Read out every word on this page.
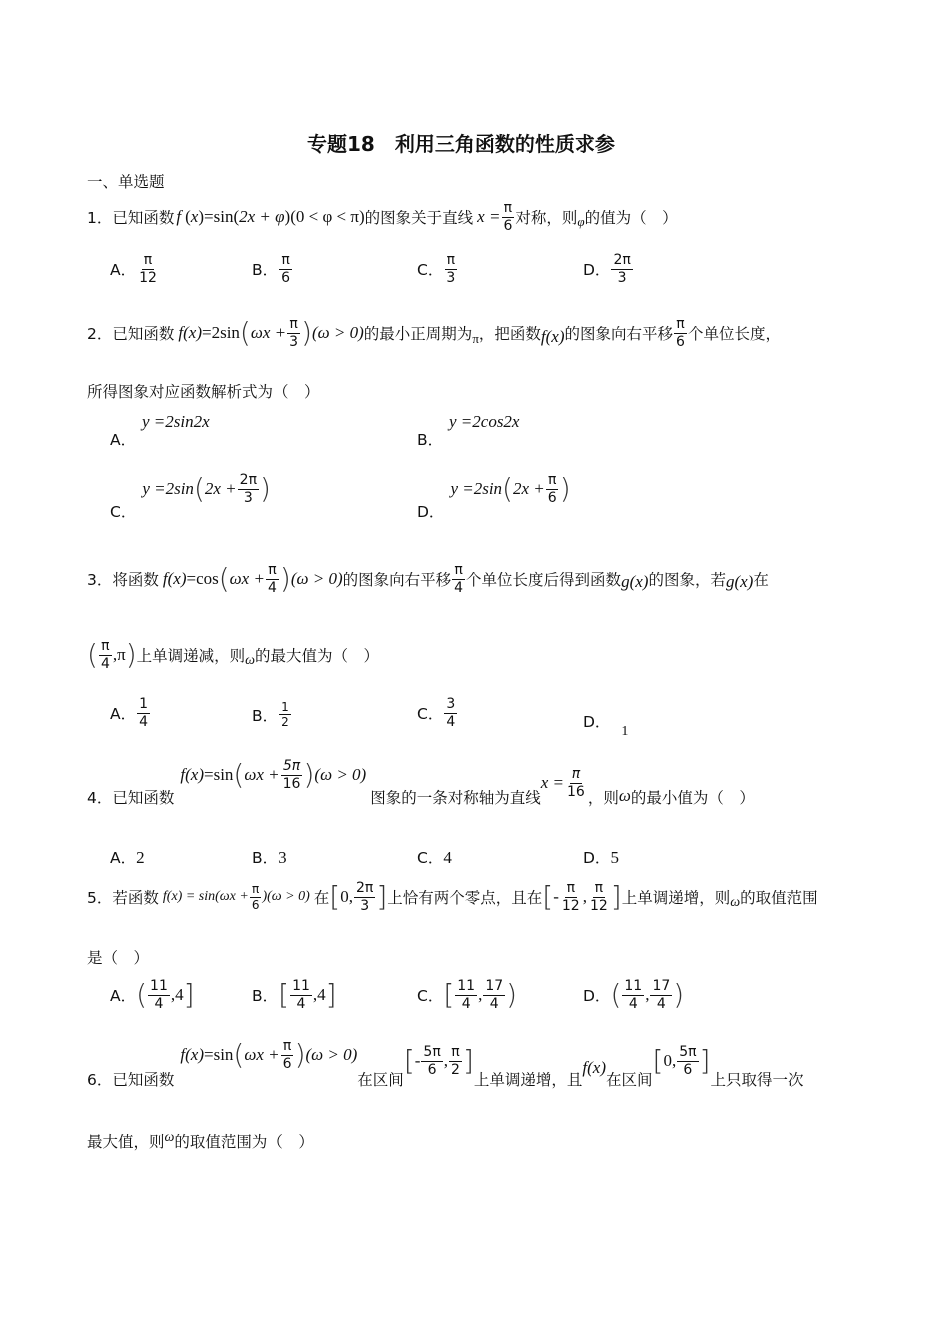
专题18　利用三角函数的性质求参
一、单选题
1． 已知函数 f ( x ) =sin ( 2x + φ ) ( 0 < φ < π ) 的图象关于直线 $x = \frac{\pi}{6}$ 对称，则 φ 的值为（　）
A． $\frac{\pi}{12}$	B． $\frac{\pi}{6}$	C． $\frac{\pi}{3}$	D． $\frac{2\pi}{3}$
2． 已知函数 f(x) =2sin ( $\omega x + \frac{\pi}{3}$ ) (ω > 0) 的最小正周期为 π ，把函数 f(x) 的图象向右平移 $\frac{\pi}{6}$ 个单位长度，
所得图象对应函数解析式为（　）
A．
y =2sin2x
B．
y =2cos2x
C．
y =2sin ( $2x + \frac{2\pi}{3}$ )
D．
y =2sin ( $2x + \frac{\pi}{6}$ )
3． 将函数 f(x) =cos ( $\omega x + \frac{\pi}{4}$ ) (ω > 0) 的图象向右平移 $\frac{\pi}{4}$ 个单位长度后得到函数 g(x) 的图象，若 g(x) 在
( $\frac{\pi}{4} ,\pi$ ) 上单调递减，则 ω 的最大值为（　）
A． $\frac{1}{4}$	B． $\frac{1}{2}$	C． $\frac{3}{4}$	D． 1
4． 已知函数
f(x) =sin ( $\omega x + \frac{5\pi}{16}$ ) (ω > 0)
图象的一条对称轴为直线
$x = \frac{\pi}{16}$ ，则 ω 的最小值为（　）
A．2	B．3	C．4	D．5
5． 若函数 $f(x) = \sin(\omega x + \frac{\pi}{6} )(\omega > 0)$ 在 [ 0, $\frac{2\pi}{3}$ ] 上恰有两个零点，且在 [ - $\frac{\pi}{12}$ , $\frac{\pi}{12}$ ] 上单调递增，则 ω 的取值范围
是（　）
A． ( $\frac{11}{4} ,4$ ]	B． [ $\frac{11}{4} ,4$ ]	C． [ $\frac{11}{4}$ , $\frac{17}{4}$ )	D． ( $\frac{11}{4}$ , $\frac{17}{4}$ )
6． 已知函数
f(x) =sin ( $\omega x + \frac{\pi}{6}$ ) (ω > 0)
在区间
[ - $\frac{5\pi}{6}$ , $\frac{\pi}{2}$ ]
上单调递增，且
f(x)
在区间
[ 0, $\frac{5\pi}{6}$ ]
上只取得一次
最大值，则 ω 的取值范围为（　）
